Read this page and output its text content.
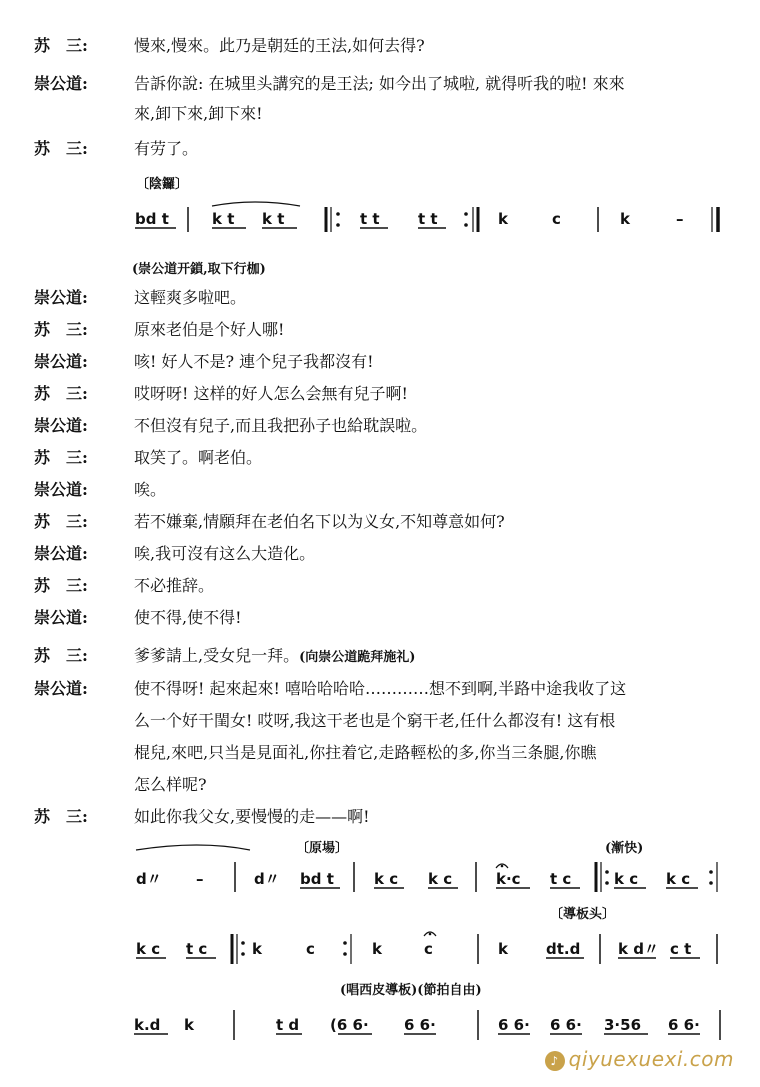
苏　三:	慢來,慢來。此乃是朝廷的王法,如何去得?
崇公道:	告訴你說: 在城里头講究的是王法; 如今出了城啦, 就得听我的啦! 來來
來,卸下來,卸下來!
苏　三:	有劳了。
〔陰鑼〕
bd t	k t k t	t t	t t	k	c	k	–
(崇公道开鎖,取下行枷)
崇公道:	这輕爽多啦吧。
苏　三:	原來老伯是个好人哪!
崇公道:	咳! 好人不是? 連个兒子我都沒有!
苏　三:	哎呀呀! 这样的好人怎么会無有兒子啊!
崇公道:	不但沒有兒子,而且我把孙子也給耽誤啦。
苏　三:	取笑了。啊老伯。
崇公道:	唉。
苏　三:	若不嫌棄,情願拜在老伯名下以为义女,不知尊意如何?
崇公道:	唉,我可沒有这么大造化。
苏　三:	不必推辞。
崇公道:	使不得,使不得!
苏　三:	爹爹請上,受女兒一拜。(向崇公道跪拜施礼)
崇公道:	使不得呀! 起來起來! 嘻哈哈哈哈…………想不到啊,半路中途我收了这
么一个好干閨女! 哎呀,我这干老也是个窮干老,任什么都沒有! 这有根
棍兒,來吧,只当是見面礼,你拄着它,走路輕松的多,你当三条腿,你瞧
怎么样呢?
苏　三:	如此你我父女,要慢慢的走——啊!
〔原場〕	(漸快)
d〃 –	d〃 bd t	k c k c	k·c t c	k c k c
〔導板头〕
k c t c	k	c	k	c	k	dt.d	k d〃 c t
(唱西皮導板)(節拍自由)
k.d k	t d (6 6· 6 6·	6 6· 6 6· 3·56 6 6·
♪ qiyuexuexi.com
